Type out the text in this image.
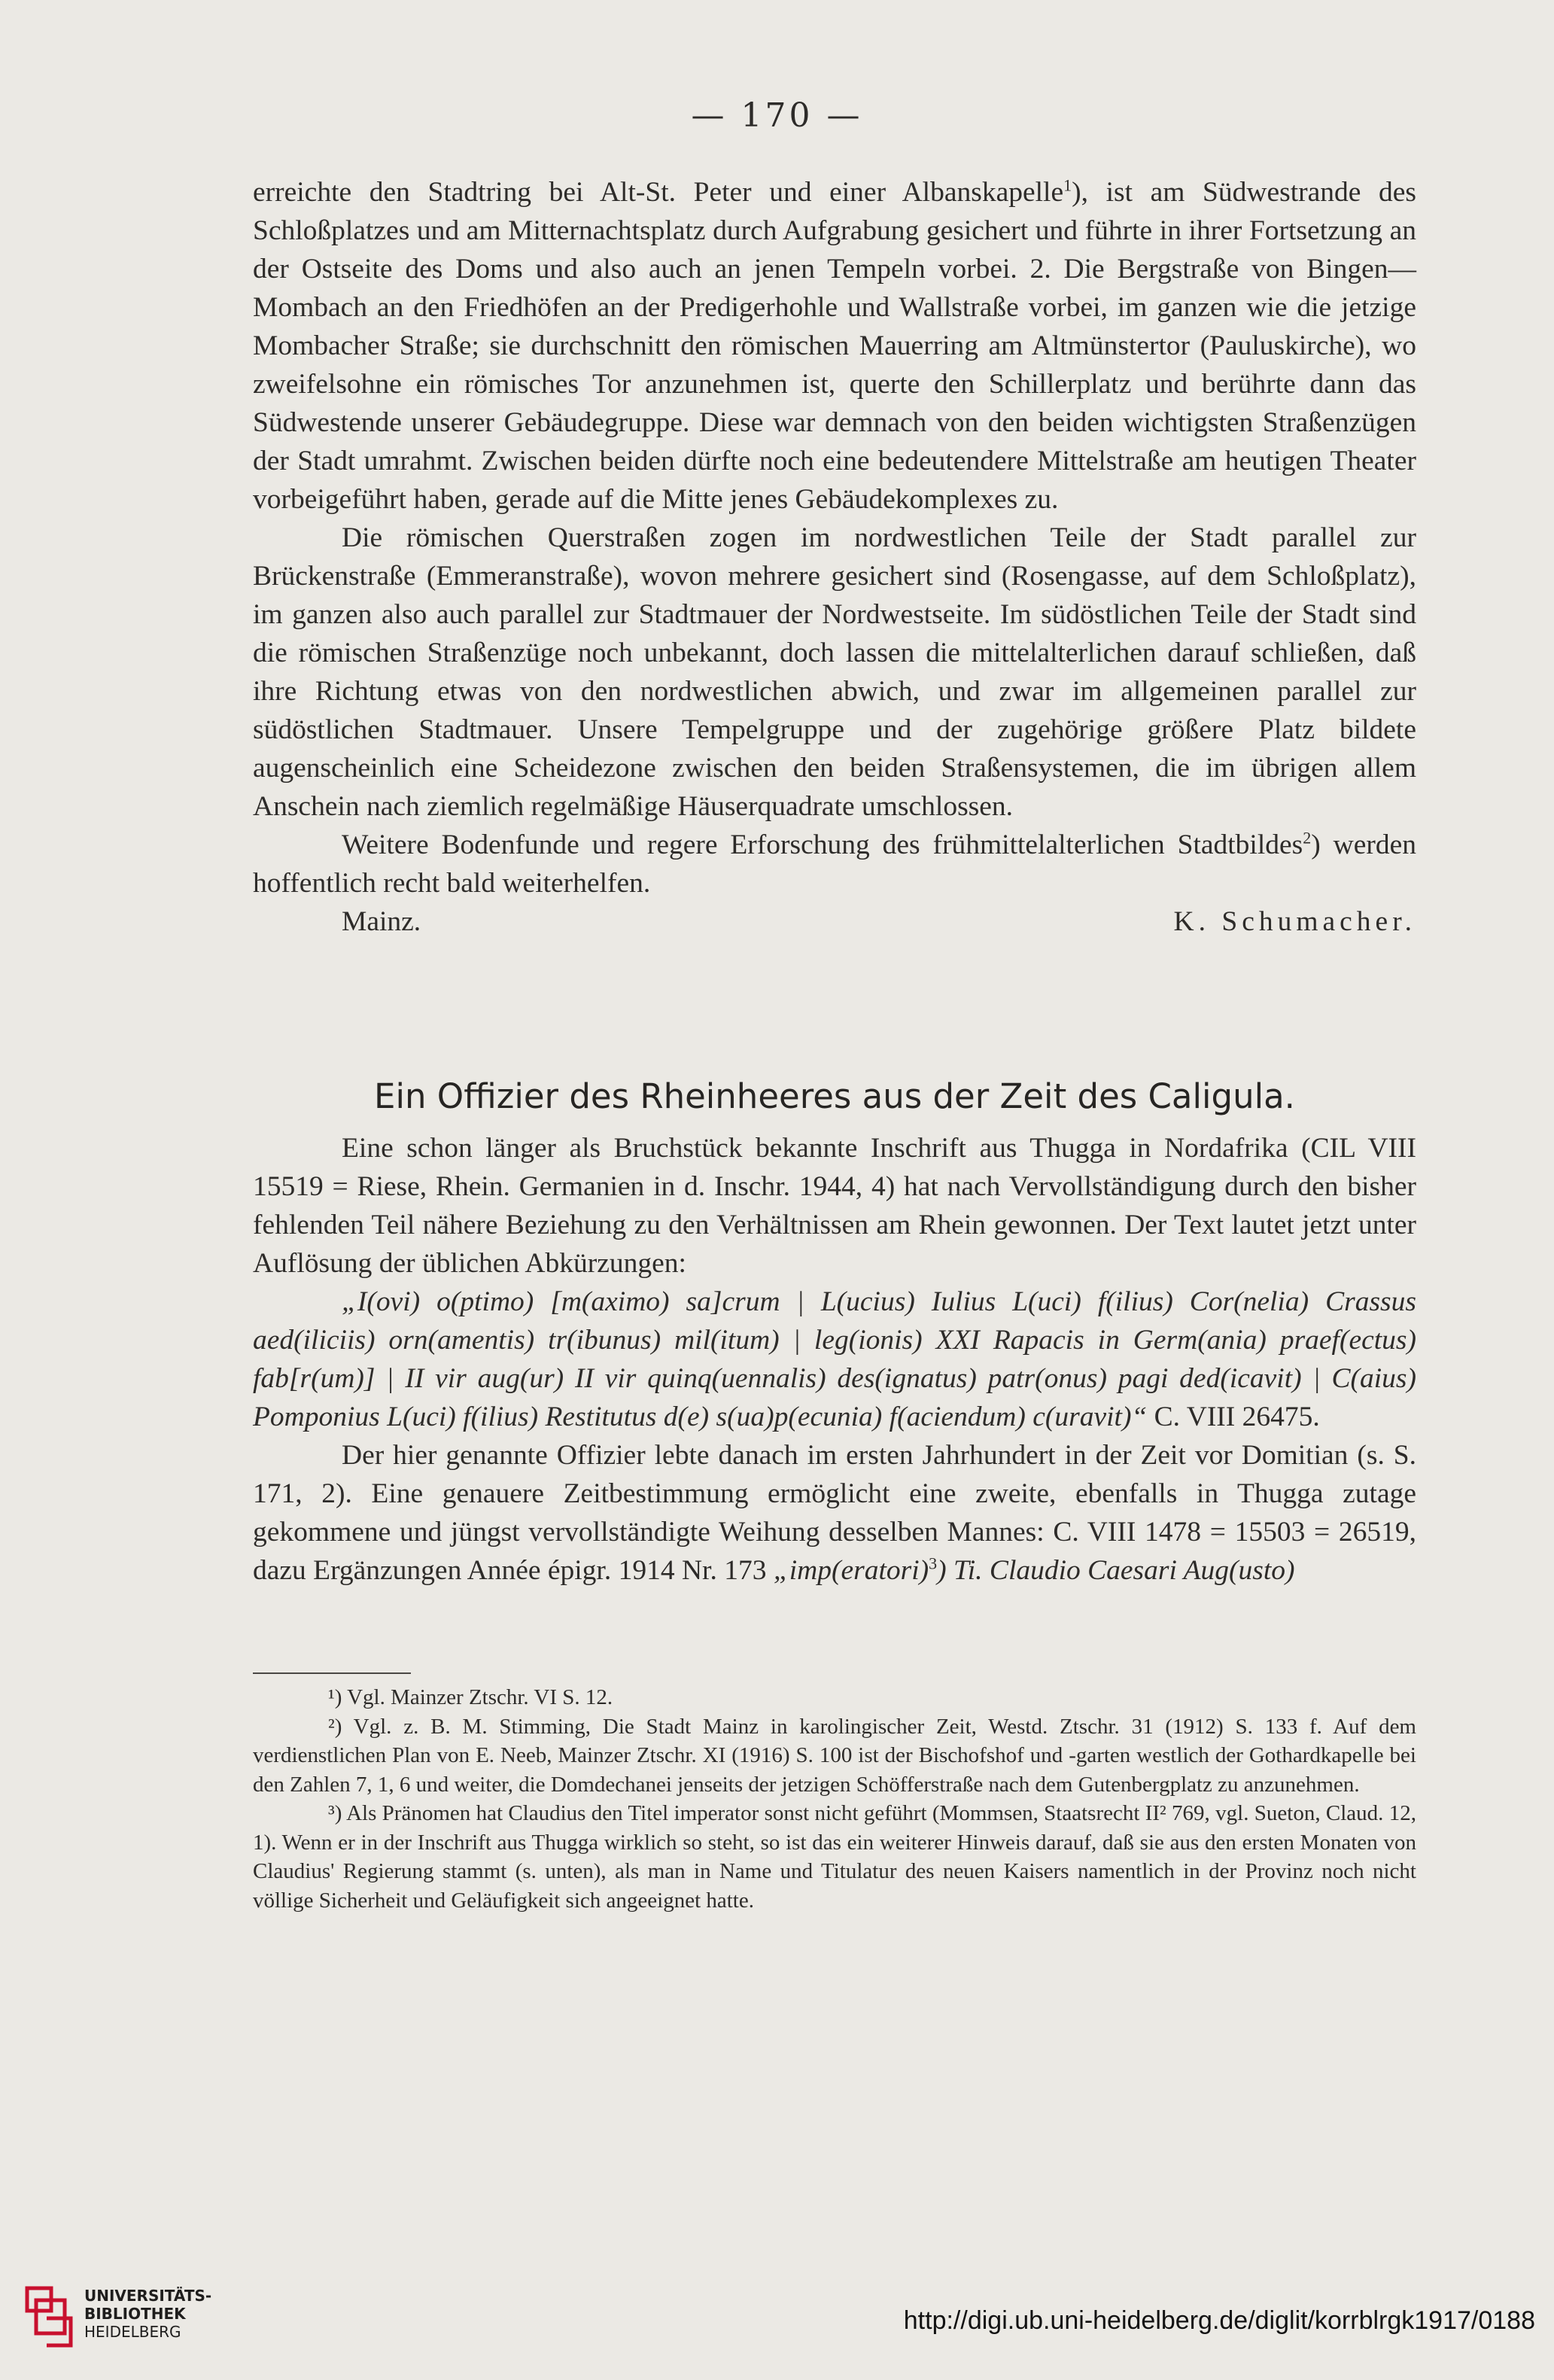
— 170 —

erreichte den Stadtring bei Alt-St. Peter und einer Albanskapelle$^1$), ist am Südwestrande des Schloßplatzes und am Mitternachtsplatz durch Aufgrabung gesichert und führte in ihrer Fortsetzung an der Ostseite des Doms und also auch an jenen Tempeln vorbei. 2. Die Bergstraße von Bingen—Mombach an den Friedhöfen an der Predigerhohle und Wallstraße vorbei, im ganzen wie die jetzige Mombacher Straße; sie durchschnitt den römischen Mauerring am Altmünstertor (Pauluskirche), wo zweifelsohne ein römisches Tor anzunehmen ist, querte den Schillerplatz und berührte dann das Südwestende unserer Gebäudegruppe. Diese war demnach von den beiden wichtigsten Straßenzügen der Stadt umrahmt. Zwischen beiden dürfte noch eine bedeutendere Mittelstraße am heutigen Theater vorbeigeführt haben, gerade auf die Mitte jenes Gebäudekomplexes zu.

Die römischen Querstraßen zogen im nordwestlichen Teile der Stadt parallel zur Brückenstraße (Emmeranstraße), wovon mehrere gesichert sind (Rosengasse, auf dem Schloßplatz), im ganzen also auch parallel zur Stadtmauer der Nordwestseite. Im südöstlichen Teile der Stadt sind die römischen Straßenzüge noch unbekannt, doch lassen die mittelalterlichen darauf schließen, daß ihre Richtung etwas von den nordwestlichen abwich, und zwar im allgemeinen parallel zur südöstlichen Stadtmauer. Unsere Tempelgruppe und der zugehörige größere Platz bildete augenscheinlich eine Scheidezone zwischen den beiden Straßensystemen, die im übrigen allem Anschein nach ziemlich regelmäßige Häuserquadrate umschlossen.

Weitere Bodenfunde und regere Erforschung des frühmittelalterlichen Stadtbildes$^2$) werden hoffentlich recht bald weiterhelfen.

Mainz.	K. Schumacher.
Ein Offizier des Rheinheeres aus der Zeit des Caligula.

Eine schon länger als Bruchstück bekannte Inschrift aus Thugga in Nordafrika (CIL VIII 15519 = Riese, Rhein. Germanien in d. Inschr. 1944, 4) hat nach Vervollständigung durch den bisher fehlenden Teil nähere Beziehung zu den Verhältnissen am Rhein gewonnen. Der Text lautet jetzt unter Auflösung der üblichen Abkürzungen:

„I(ovi) o(ptimo) [m(aximo) sa]crum | L(ucius) Iulius L(uci) f(ilius) Cor(nelia) Crassus aed(iliciis) orn(amentis) tr(ibunus) mil(itum) | leg(ionis) XXI Rapacis in Germ(ania) praef(ectus) fab[r(um)] | II vir aug(ur) II vir quinq(uennalis) des(ignatus) patr(onus) pagi ded(icavit) | C(aius) Pomponius L(uci) f(ilius) Restitutus d(e) s(ua)p(ecunia) f(aciendum) c(uravit)“ C. VIII 26475.

Der hier genannte Offizier lebte danach im ersten Jahrhundert in der Zeit vor Domitian (s. S. 171, 2). Eine genauere Zeitbestimmung ermöglicht eine zweite, ebenfalls in Thugga zutage gekommene und jüngst vervollständigte Weihung desselben Mannes: C. VIII 1478 = 15503 = 26519, dazu Ergänzungen Année épigr. 1914 Nr. 173 „imp(eratori)$^3$) Ti. Claudio Caesari Aug(usto)

¹) Vgl. Mainzer Ztschr. VI S. 12.

²) Vgl. z. B. M. Stimming, Die Stadt Mainz in karolingischer Zeit, Westd. Ztschr. 31 (1912) S. 133 f. Auf dem verdienstlichen Plan von E. Neeb, Mainzer Ztschr. XI (1916) S. 100 ist der Bischofshof und -garten westlich der Gothardkapelle bei den Zahlen 7, 1, 6 und weiter, die Domdechanei jenseits der jetzigen Schöfferstraße nach dem Gutenbergplatz zu anzunehmen.

³) Als Pränomen hat Claudius den Titel imperator sonst nicht geführt (Mommsen, Staatsrecht II² 769, vgl. Sueton, Claud. 12, 1). Wenn er in der Inschrift aus Thugga wirklich so steht, so ist das ein weiterer Hinweis darauf, daß sie aus den ersten Monaten von Claudius' Regierung stammt (s. unten), als man in Name und Titulatur des neuen Kaisers namentlich in der Provinz noch nicht völlige Sicherheit und Geläufigkeit sich angeeignet hatte.

UNIVERSITÄTS-
BIBLIOTHEK
HEIDELBERG	http://digi.ub.uni-heidelberg.de/diglit/korrblrgk1917/0188
